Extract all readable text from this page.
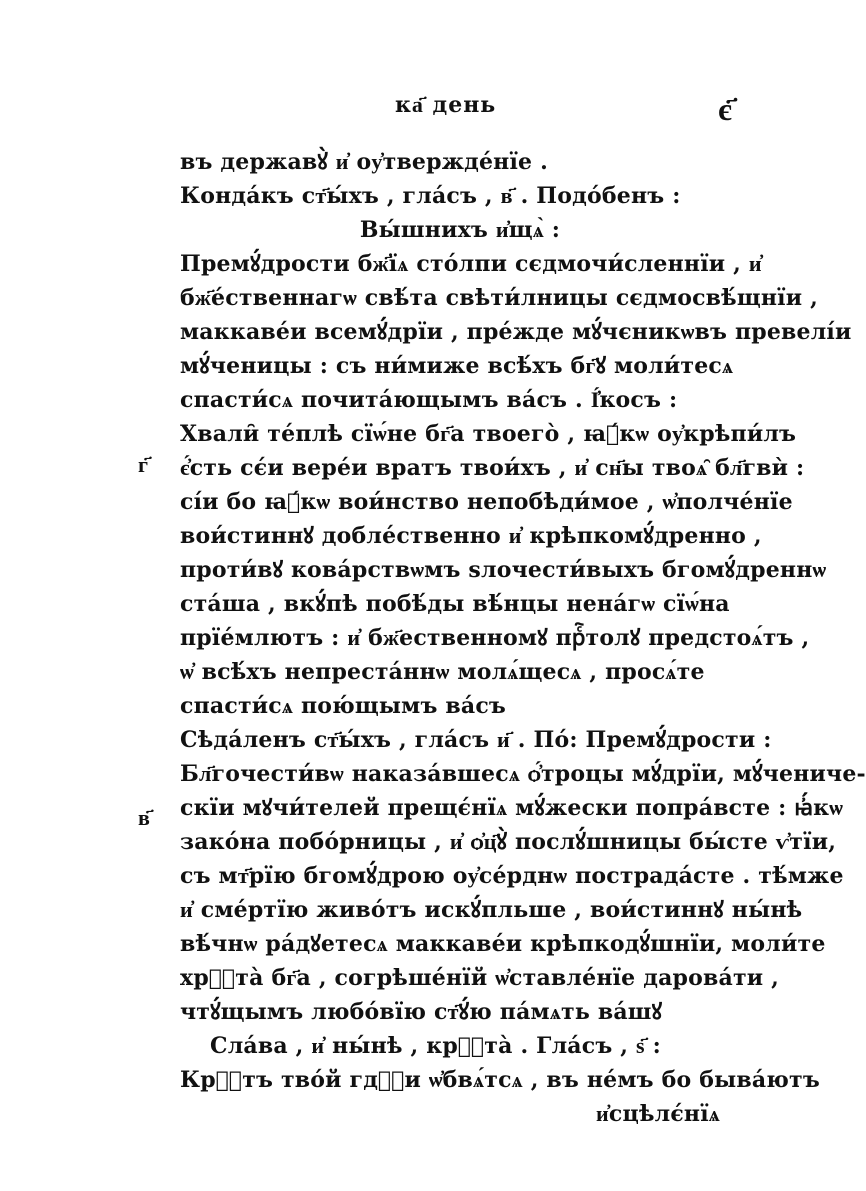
ка҃ день	є҃
г҃
в҃
въ державꙋ̀ и҆ оу҆твержде́нїе .
Конда́къ ст҃ы́хъ , гла́съ , в҃ . Подо́бенъ :
Вы́шнихъ и҆щѧ̀ :
Премꙋ́дрости бж҃їѧ сто́лпи сєдмочи́сленнїи , и҆
бж҃е́ственнагѡ свѣ́та свѣти́лницы сєдмосвѣ́щнїи ,
маккаве́и всемꙋ́дрїи , пре́жде мꙋ́чєникѡвъ превелі́и
мꙋ́ченицы : съ ни́миже всѣ́хъ бг҃ꙋ моли́тесѧ
спасти́сѧ почита́ющымъ ва́съ . І҆́косъ :
Хвали̑ те́плѣ сїѡ́не бг҃а твоего̀ , ꙗ҆́кѡ оу҆крѣпи́лъ
є҆́сть сє́и вере́и вратъ твои́хъ , и҆ сн҃ы твоѧ̑ бл҃гвѝ :
сі́и бо ꙗ҆́кѡ вои́нство непобѣди́мое , ѡ҆полче́нїе
вои́стиннꙋ добле́ственно и҆ крѣпкомꙋ́дренно ,
проти́вꙋ кова́рствѡмъ ѕлочести́выхъ бгомꙋ́дреннѡ
ста́ша , вкꙋ́пѣ побѣ́ды вѣ́нцы нена́гѡ сїѡ́на
прїе́млютъ : и҆ бж҃ественномꙋ прⷭ҇толꙋ предстоѧ́тъ ,
ѡ҆ всѣ́хъ непреста́ннѡ молѧ́щесѧ , просѧ́те
спасти́сѧ пою́щымъ ва́съ
Сѣда́ленъ ст҃ы́хъ , гла́съ и҃ . По́: Премꙋ́дрости :
Бл҃гочести́вѡ наказа́вшесѧ ѻ҆́троцы мꙋ́дрїи, мꙋ́чениче-
скїи мꙋчи́телей прещє́нїѧ мꙋ́жески попра́всте : ꙗ҆́кѡ
зако́на побо́рницы , и҆ ѻ҆ц҃ꙋ̀ послꙋ́шницы бы́сте ѵ҆тїи,
съ мт҃рїю бгомꙋ́дрою оу҆се́рднѡ пострада́сте . тѣ́мже
и҆ сме́ртїю живо́тъ искꙋ́пльше , вои́стиннꙋ ны́нѣ
вѣ́чнѡ ра́дꙋетесѧ маккаве́и крѣпкодꙋ́шнїи, моли́те
хрⷭ҇та̀ бг҃а , согрѣше́нїй ѡ҆ставле́нїе дарова́ти ,
чтꙋ́щымъ любо́вїю ст҃ꙋ́ю па́мѧть ва́шꙋ
Сла́ва , и҆ ны́нѣ , крⷭ҇та̀ . Гла́съ , ѕ҃ :
Крⷭ҇тъ тво́й гдⷭ҇и ѡ҆бвѧ́тсѧ , въ не́мъ бо быва́ютъ
и҆сцѣлє́нїѧ
